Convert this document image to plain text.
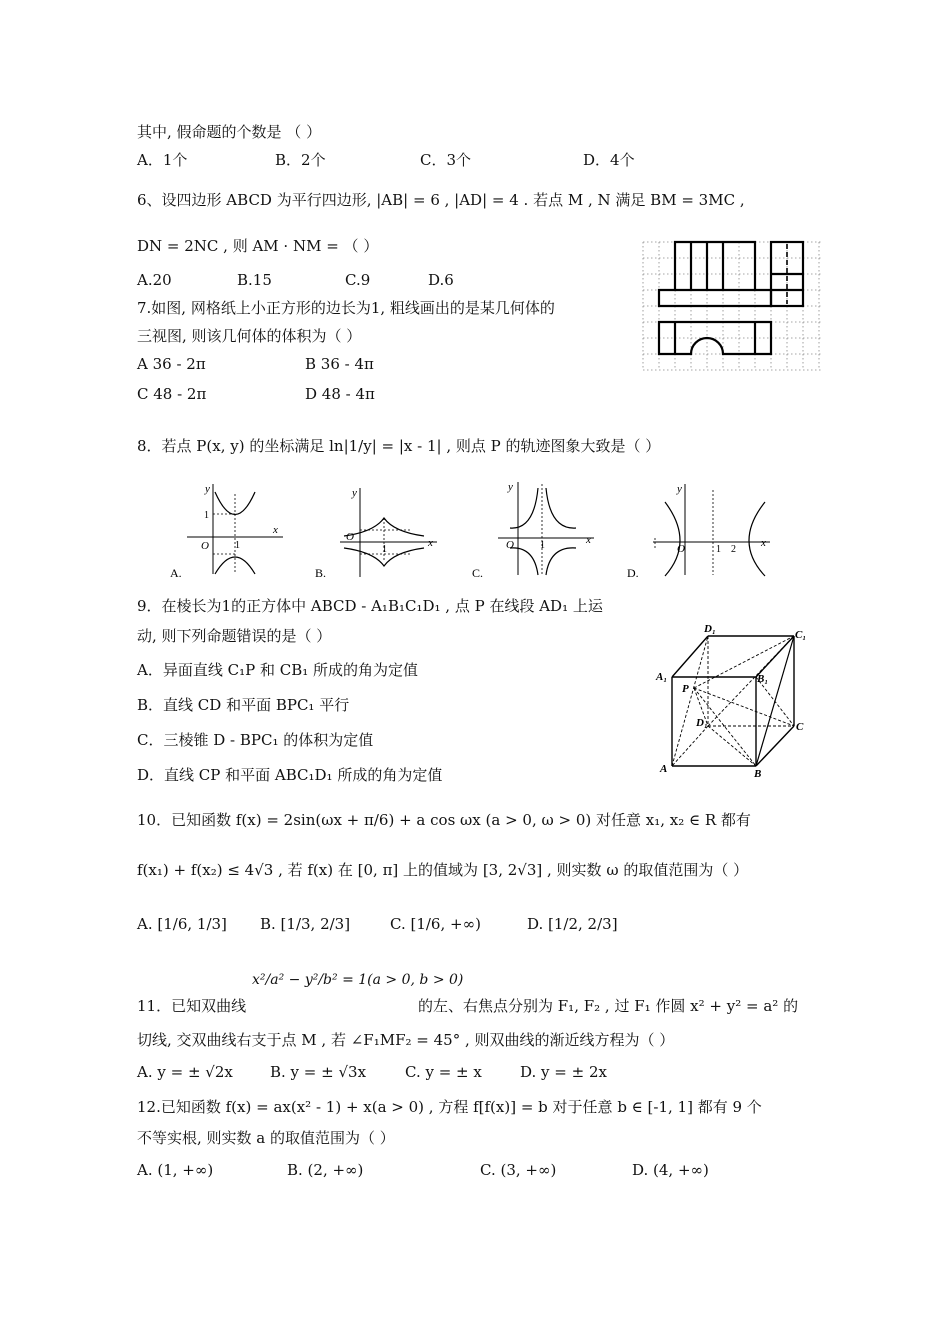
其中, 假命题的个数是 （ ）
A．1个	B．2个	C．3个	D．4个
6、设四边形 ABCD 为平行四边形, |AB| = 6 , |AD| = 4 . 若点 M , N 满足 BM = 3MC ,
DN = 2NC , 则 AM · NM = （ ）
A.20	B.15	C.9	D.6
7.如图, 网格纸上小正方形的边长为1, 粗线画出的是某几何体的
三视图, 则该几何体的体积为（ ）
A 36 - 2π	B 36 - 4π
C 48 - 2π	D 48 - 4π
8．若点 P(x, y) 的坐标满足 ln|1/y| = |x - 1| , 则点 P 的轨迹图象大致是（ ）
y
x
O	1
1
A.
y
x
O
1
B.
y
x
O	1
C.
y
x
O	1 2
D.
9．在棱长为1的正方体中 ABCD - A₁B₁C₁D₁ , 点 P 在线段 AD₁ 上运
动, 则下列命题错误的是（ ）
A．异面直线 C₁P 和 CB₁ 所成的角为定值
B．直线 CD 和平面 BPC₁ 平行
C．三棱锥 D - BPC₁ 的体积为定值
D．直线 CP 和平面 ABC₁D₁ 所成的角为定值
D₁	C₁
A₁	B₁
P
D₁	C
A	B
10．已知函数 f(x) = 2sin(ωx + π/6) + a cos ωx (a > 0, ω > 0) 对任意 x₁, x₂ ∈ R 都有
f(x₁) + f(x₂) ≤ 4√3 , 若 f(x) 在 [0, π] 上的值域为 [3, 2√3] , 则实数 ω 的取值范围为（ ）
A. [1/6, 1/3] B. [1/3, 2/3]	C. [1/6, +∞)	D. [1/2, 2/3]
x²/a² − y²/b² = 1(a > 0, b > 0)
11．已知双曲线	的左、右焦点分别为 F₁, F₂ , 过 F₁ 作圆 x² + y² = a² 的
切线, 交双曲线右支于点 M , 若 ∠F₁MF₂ = 45° , 则双曲线的渐近线方程为（ ）
A. y = ± √2x B. y = ± √3x	C. y = ± x	D. y = ± 2x
12.已知函数 f(x) = ax(x² - 1) + x(a > 0) , 方程 f[f(x)] = b 对于任意 b ∈ [-1, 1] 都有 9 个
不等实根, 则实数 a 的取值范围为（ ）
A. (1, +∞)	B. (2, +∞)	C. (3, +∞)	D. (4, +∞)
